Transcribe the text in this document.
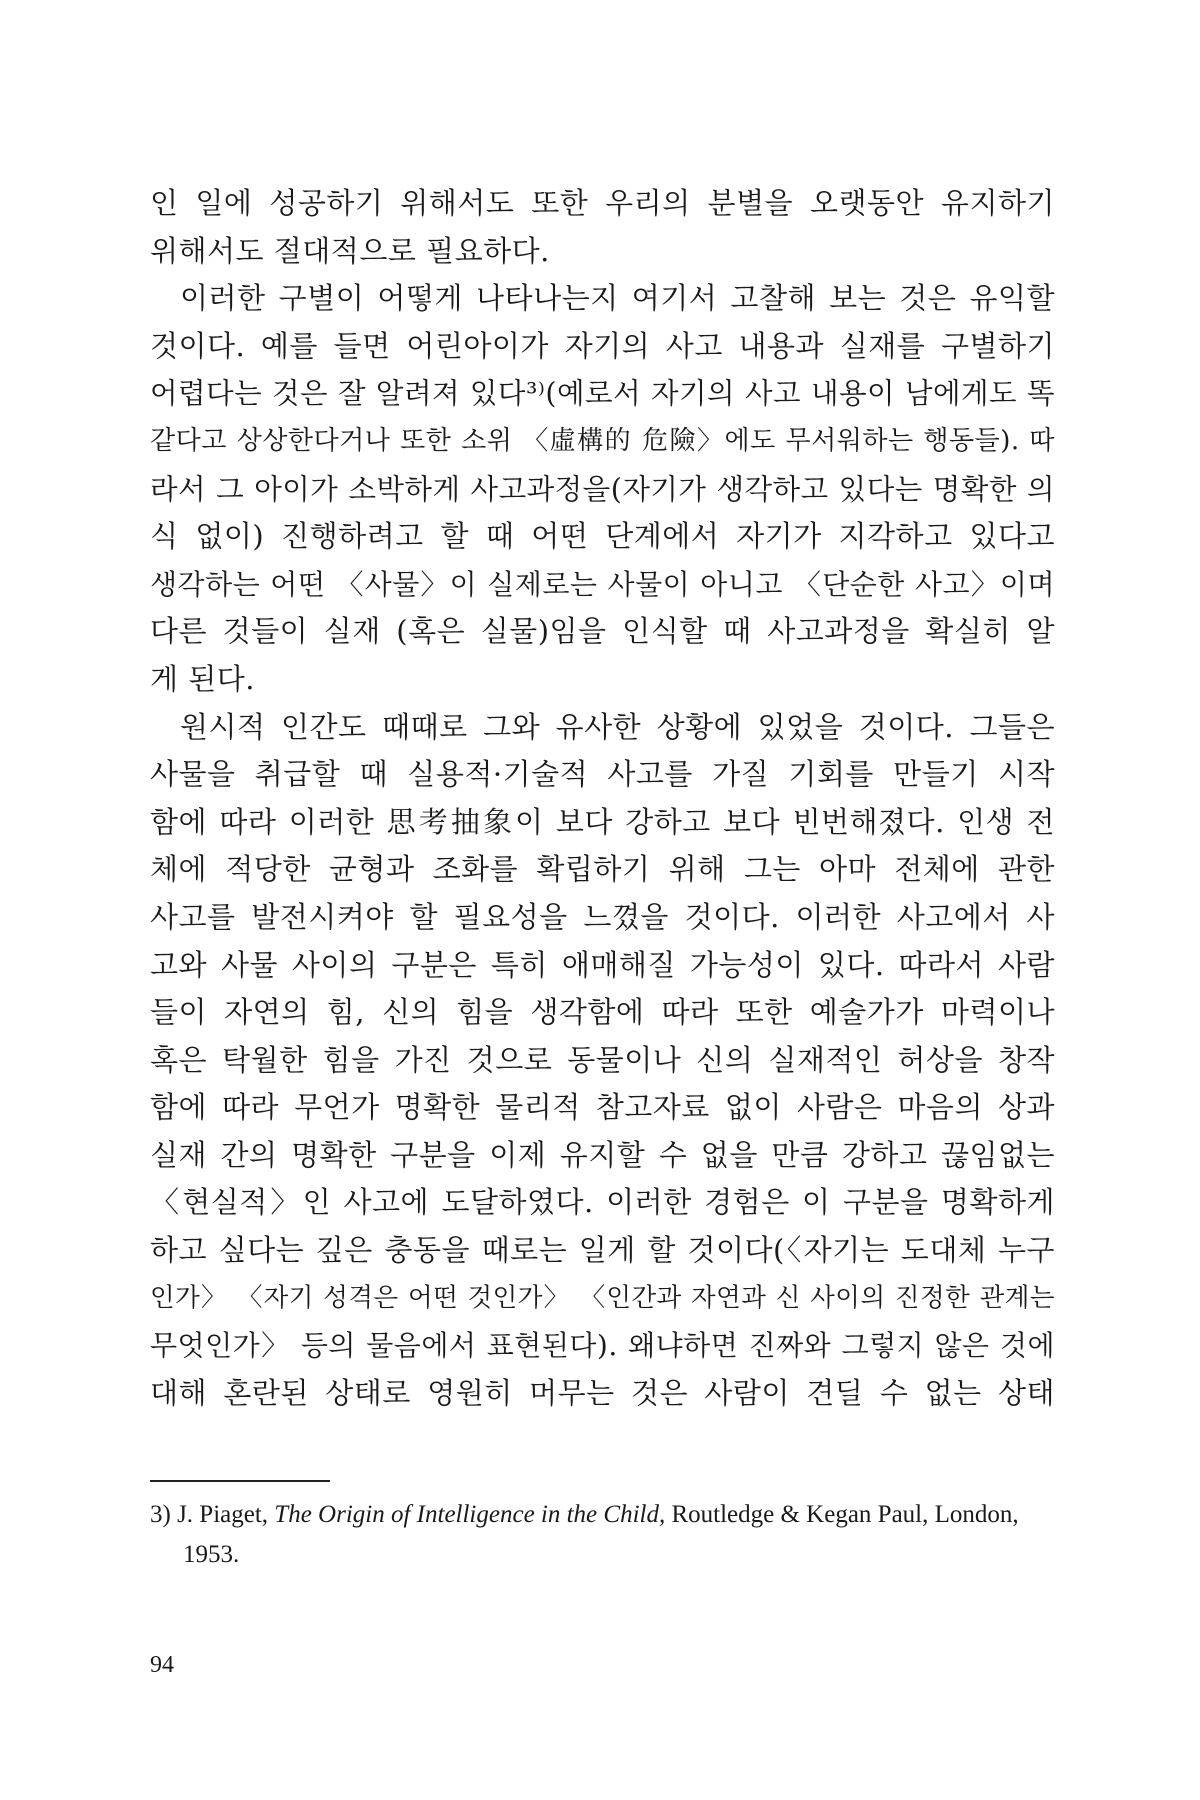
인 일에 성공하기 위해서도 또한 우리의 분별을 오랫동안 유지하기
위해서도 절대적으로 필요하다.
이러한 구별이 어떻게 나타나는지 여기서 고찰해 보는 것은 유익할
것이다. 예를 들면 어린아이가 자기의 사고 내용과 실재를 구별하기
어렵다는 것은 잘 알려져 있다³⁾(예로서 자기의 사고 내용이 남에게도 똑
같다고 상상한다거나 또한 소위 〈虛構的 危險〉에도 무서워하는 행동들). 따
라서 그 아이가 소박하게 사고과정을(자기가 생각하고 있다는 명확한 의
식 없이) 진행하려고 할 때 어떤 단계에서 자기가 지각하고 있다고
생각하는 어떤 〈사물〉이 실제로는 사물이 아니고 〈단순한 사고〉이며
다른 것들이 실재 (혹은 실물)임을 인식할 때 사고과정을 확실히 알
게 된다.
원시적 인간도 때때로 그와 유사한 상황에 있었을 것이다. 그들은
사물을 취급할 때 실용적·기술적 사고를 가질 기회를 만들기 시작
함에 따라 이러한 思考抽象이 보다 강하고 보다 빈번해졌다. 인생 전
체에 적당한 균형과 조화를 확립하기 위해 그는 아마 전체에 관한
사고를 발전시켜야 할 필요성을 느꼈을 것이다. 이러한 사고에서 사
고와 사물 사이의 구분은 특히 애매해질 가능성이 있다. 따라서 사람
들이 자연의 힘, 신의 힘을 생각함에 따라 또한 예술가가 마력이나
혹은 탁월한 힘을 가진 것으로 동물이나 신의 실재적인 허상을 창작
함에 따라 무언가 명확한 물리적 참고자료 없이 사람은 마음의 상과
실재 간의 명확한 구분을 이제 유지할 수 없을 만큼 강하고 끊임없는
〈현실적〉인 사고에 도달하였다. 이러한 경험은 이 구분을 명확하게
하고 싶다는 깊은 충동을 때로는 일게 할 것이다(〈자기는 도대체 누구
인가〉 〈자기 성격은 어떤 것인가〉 〈인간과 자연과 신 사이의 진정한 관계는
무엇인가〉 등의 물음에서 표현된다). 왜냐하면 진짜와 그렇지 않은 것에
대해 혼란된 상태로 영원히 머무는 것은 사람이 견딜 수 없는 상태
3) J. Piaget, The Origin of Intelligence in the Child, Routledge & Kegan Paul, London,
1953.
94
